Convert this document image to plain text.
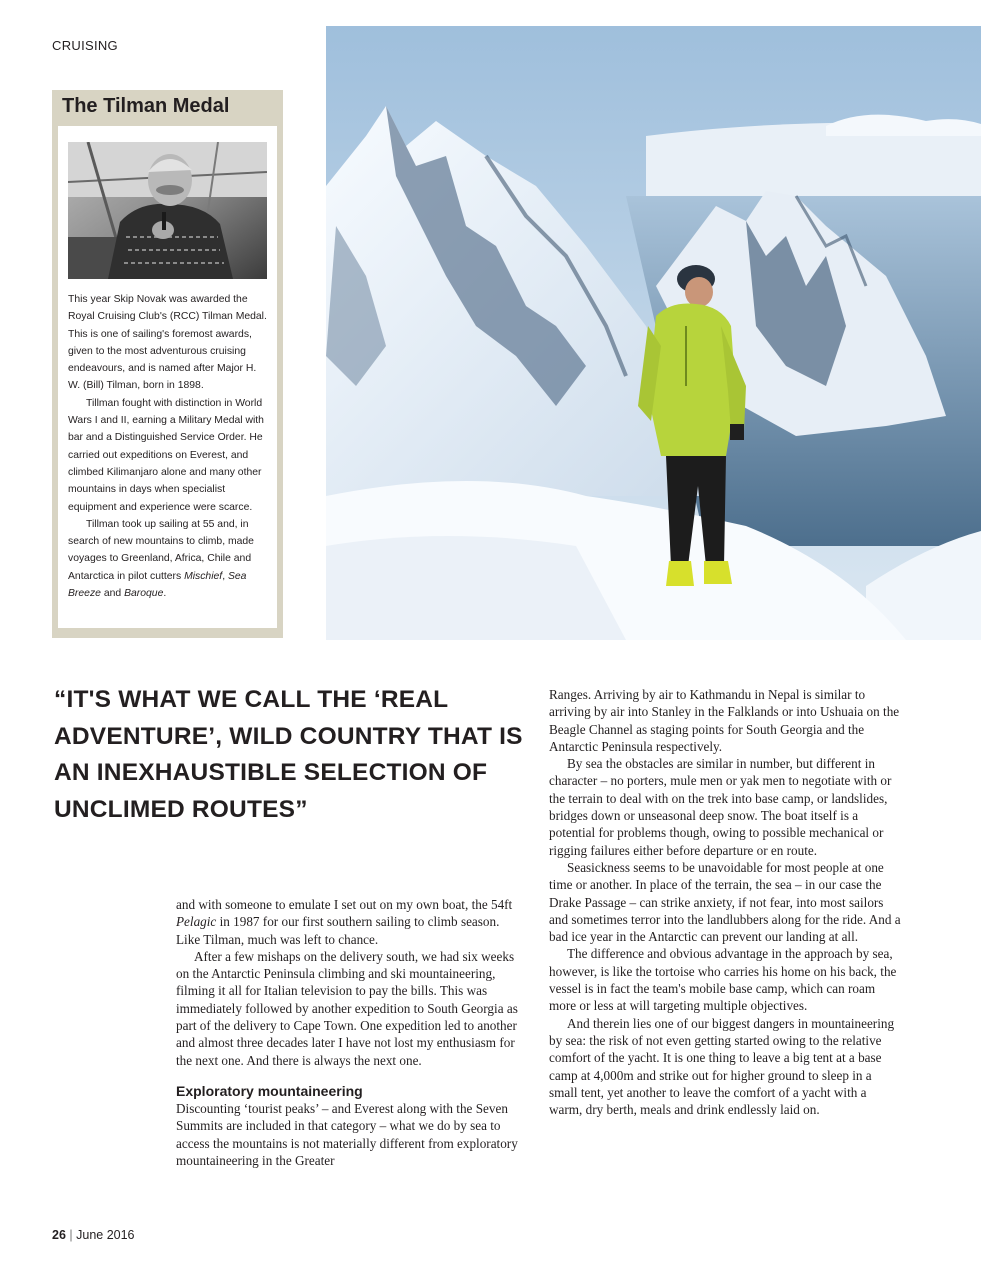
CRUISING
The Tilman Medal

This year Skip Novak was awarded the Royal Cruising Club's (RCC) Tilman Medal. This is one of sailing's foremost awards, given to the most adventurous cruising endeavours, and is named after Major H. W. (Bill) Tilman, born in 1898.

Tillman fought with distinction in World Wars I and II, earning a Military Medal with bar and a Distinguished Service Order. He carried out expeditions on Everest, and climbed Kilimanjaro alone and many other mountains in days when specialist equipment and experience were scarce.

Tillman took up sailing at 55 and, in search of new mountains to climb, made voyages to Greenland, Africa, Chile and Antarctica in pilot cutters Mischief, Sea Breeze and Baroque.

“IT'S WHAT WE CALL THE ‘REAL ADVENTURE’, WILD COUNTRY THAT IS AN INEXHAUSTIBLE SELECTION OF UNCLIMED ROUTES”

and with someone to emulate I set out on my own boat, the 54ft Pelagic in 1987 for our first southern sailing to climb season. Like Tilman, much was left to chance.

After a few mishaps on the delivery south, we had six weeks on the Antarctic Peninsula climbing and ski mountaineering, filming it all for Italian television to pay the bills. This was immediately followed by another expedition to South Georgia as part of the delivery to Cape Town. One expedition led to another and almost three decades later I have not lost my enthusiasm for the next one. And there is always the next one.

Exploratory mountaineering

Discounting ‘tourist peaks’ – and Everest along with the Seven Summits are included in that category – what we do by sea to access the mountains is not materially different from exploratory mountaineering in the Greater

Ranges. Arriving by air to Kathmandu in Nepal is similar to arriving by air into Stanley in the Falklands or into Ushuaia on the Beagle Channel as staging points for South Georgia and the Antarctic Peninsula respectively.

By sea the obstacles are similar in number, but different in character – no porters, mule men or yak men to negotiate with or the terrain to deal with on the trek into base camp, or landslides, bridges down or unseasonal deep snow. The boat itself is a potential for problems though, owing to possible mechanical or rigging failures either before departure or en route.

Seasickness seems to be unavoidable for most people at one time or another. In place of the terrain, the sea – in our case the Drake Passage – can strike anxiety, if not fear, into most sailors and sometimes terror into the landlubbers along for the ride. And a bad ice year in the Antarctic can prevent our landing at all.

The difference and obvious advantage in the approach by sea, however, is like the tortoise who carries his home on his back, the vessel is in fact the team's mobile base camp, which can roam more or less at will targeting multiple objectives.

And therein lies one of our biggest dangers in mountaineering by sea: the risk of not even getting started owing to the relative comfort of the yacht. It is one thing to leave a big tent at a base camp at 4,000m and strike out for higher ground to sleep in a small tent, yet another to leave the comfort of a yacht with a warm, dry berth, meals and drink endlessly laid on.

26 | June 2016
